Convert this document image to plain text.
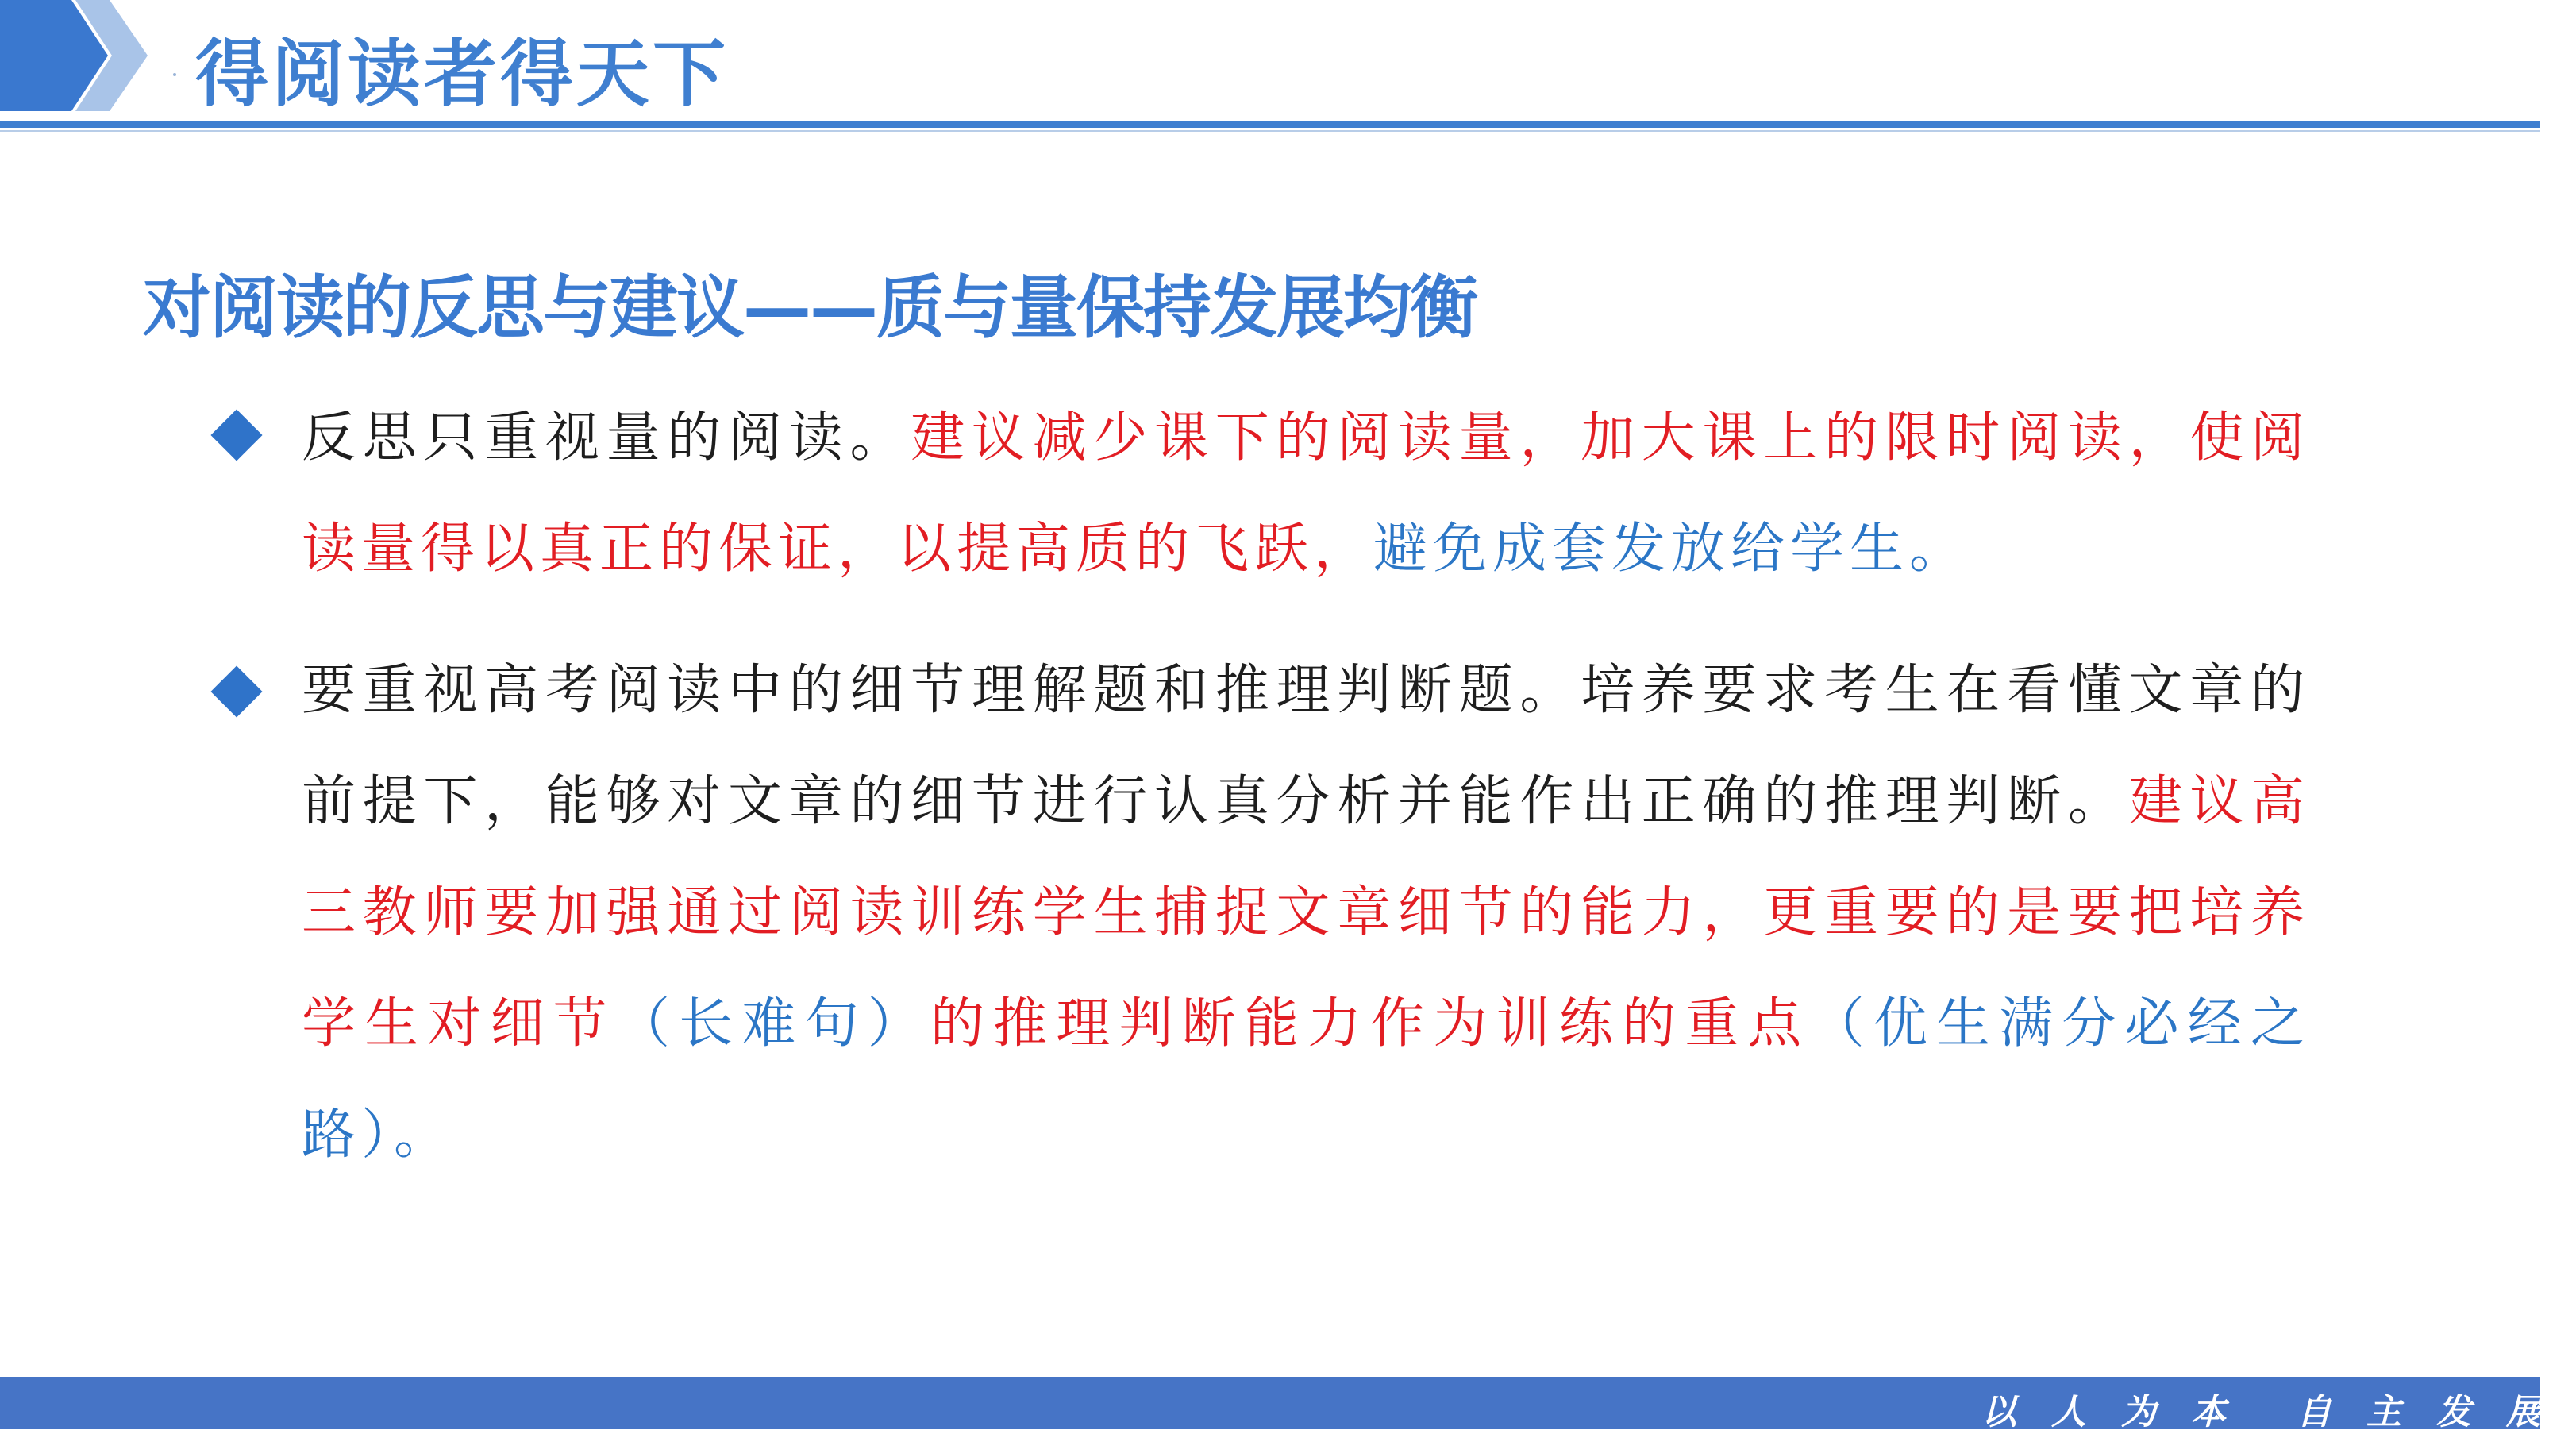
得阅读者得天下
对阅读的反思与建议——质与量保持发展均衡

反思只重视量的阅读。建议减少课下的阅读量，加大课上的限时阅读，使阅读量得以真正的保证，以提高质的飞跃，避免成套发放给学生。

要重视高考阅读中的细节理解题和推理判断题。培养要求考生在看懂文章的前提下，能够对文章的细节进行认真分析并能作出正确的推理判断。建议高三教师要加强通过阅读训练学生捕捉文章细节的能力，更重要的是要把培养学生对细节（长难句）的推理判断能力作为训练的重点（优生满分必经之路）。

以人为本 自主发展
